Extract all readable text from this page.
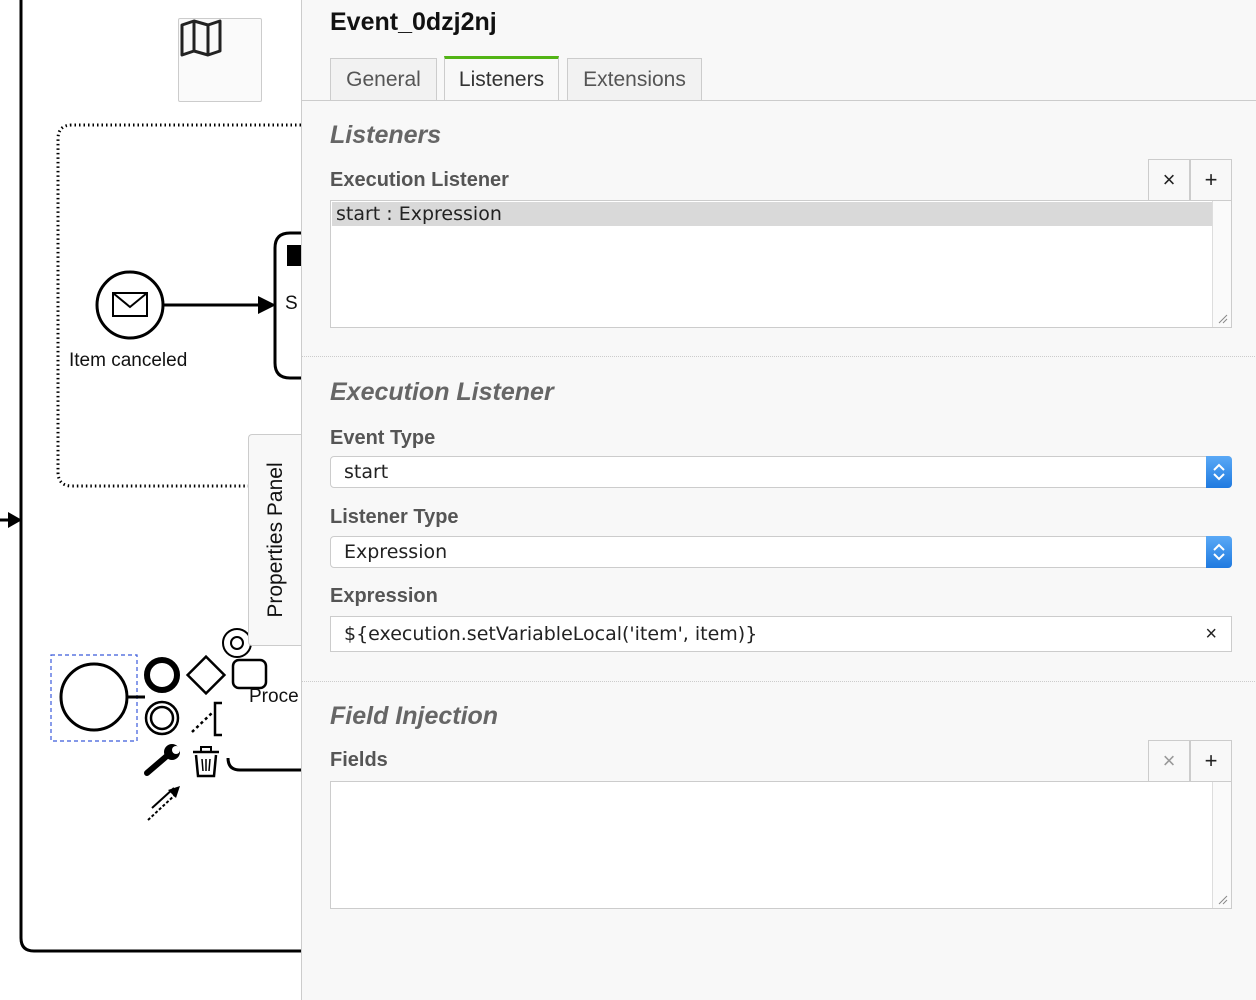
Item canceled
S
Proce
Properties Panel
Event_0dzj2nj
General	Listeners	Extensions
Listeners
Execution Listener	×	+
start : Expression
Execution Listener
Event Type
start
Listener Type
Expression
Expression
${execution.setVariableLocal('item', item)}	×
Field Injection
Fields	×	+
